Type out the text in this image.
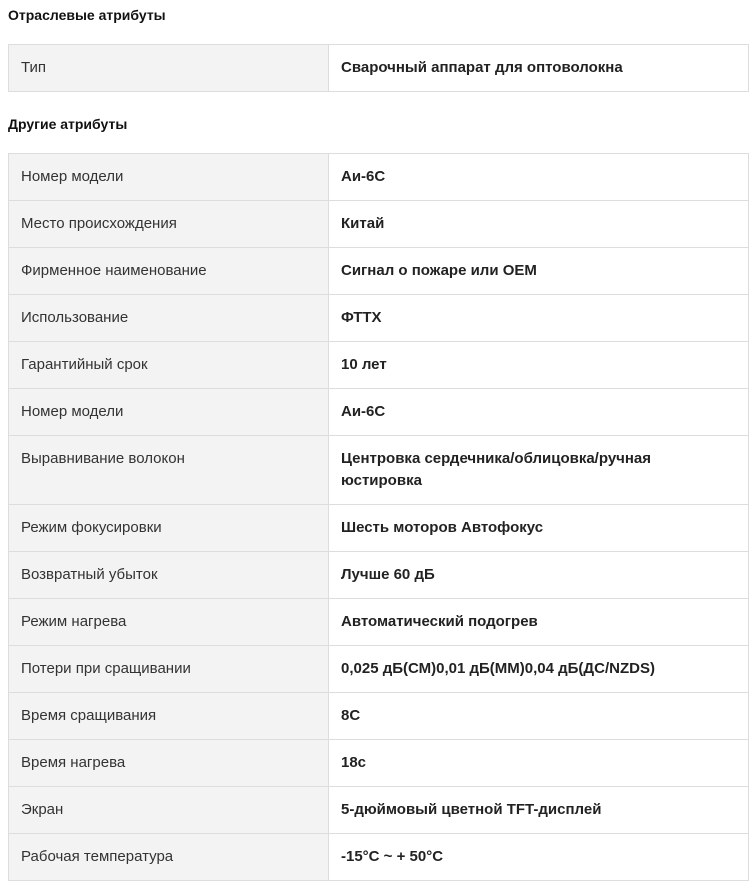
Отраслевые атрибуты
Тип	Сварочный аппарат для оптоволокна
Другие атрибуты
Номер модели	Аи-6С
Место происхождения	Китай
Фирменное наименование	Сигнал о пожаре или OEM
Использование	ФТТХ
Гарантийный срок	10 лет
Номер модели	Аи-6С
Выравнивание волокон	Центровка сердечника/облицовка/ручная юстировка
Режим фокусировки	Шесть моторов Автофокус
Возвратный убыток	Лучше 60 дБ
Режим нагрева	Автоматический подогрев
Потери при сращивании	0,025 дБ(СМ)0,01 дБ(ММ)0,04 дБ(ДС/NZDS)
Время сращивания	8С
Время нагрева	18с
Экран	5-дюймовый цветной TFT-дисплей
Рабочая температура	-15°C ~ + 50°C
